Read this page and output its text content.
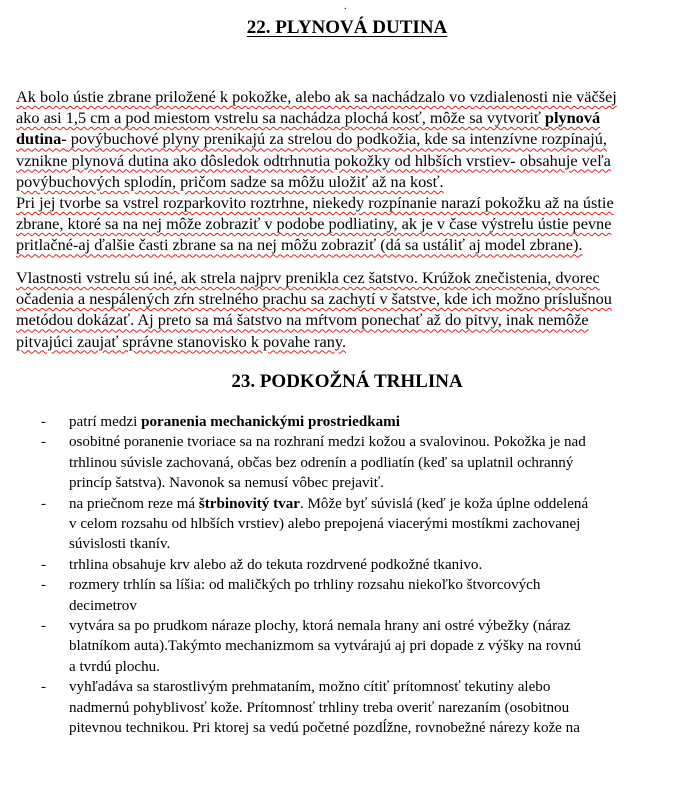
.
22. PLYNOVÁ DUTINA

Ak bolo ústie zbrane priložené k pokožke, alebo ak sa nachádzalo vo vzdialenosti nie väčšej
ako asi 1,5 cm a pod miestom vstrelu sa nachádza plochá kosť, môže sa vytvoriť plynová
dutina- povýbuchové plyny prenikajú za strelou do podkožia, kde sa intenzívne rozpínajú,
vznikne plynová dutina ako dôsledok odtrhnutia pokožky od hlbších vrstiev- obsahuje veľa
povýbuchových splodín, pričom sadze sa môžu uložiť až na kosť.
Pri jej tvorbe sa vstrel rozparkovito roztrhne, niekedy rozpínanie narazí pokožku až na ústie
zbrane, ktoré sa na nej môže zobraziť v podobe podliatiny, ak je v čase výstrelu ústie pevne
pritlačné-aj ďalšie časti zbrane sa na nej môžu zobraziť (dá sa ustáliť aj model zbrane).

Vlastnosti vstrelu sú iné, ak strela najprv prenikla cez šatstvo. Krúžok znečistenia, dvorec
očadenia a nespálených zŕn strelného prachu sa zachytí v šatstve, kde ich možno príslušnou
metódou dokázať. Aj preto sa má šatstvo na mŕtvom ponechať až do pitvy, inak nemôže
pitvajúci zaujať správne stanovisko k povahe rany.

23. PODKOŽNÁ TRHLINA
- patrí medzi poranenia mechanickými prostriedkami
- osobitné poranenie tvoriace sa na rozhraní medzi kožou a svalovinou. Pokožka je nad
trhlinou súvisle zachovaná, občas bez odrenín a podliatín (keď sa uplatnil ochranný
princíp šatstva). Navonok sa nemusí vôbec prejaviť.
- na priečnom reze má štrbinovitý tvar. Môže byť súvislá (keď je koža úplne oddelená
v celom rozsahu od hlbších vrstiev) alebo prepojená viacerými mostíkmi zachovanej
súvislosti tkanív.
- trhlina obsahuje krv alebo až do tekuta rozdrvené podkožné tkanivo.
- rozmery trhlín sa líšia: od maličkých po trhliny rozsahu niekoľko štvorcových
decimetrov
- vytvára sa po prudkom náraze plochy, ktorá nemala hrany ani ostré výbežky (náraz
blatníkom auta).Takýmto mechanizmom sa vytvárajú aj pri dopade z výšky na rovnú
a tvrdú plochu.
- vyhľadáva sa starostlivým prehmataním, možno cítiť prítomnosť tekutiny alebo
nadmernú pohyblivosť kože. Prítomnosť trhliny treba overiť narezaním (osobitnou
pitevnou technikou. Pri ktorej sa vedú početné pozdĺžne, rovnobežné nárezy kože na
